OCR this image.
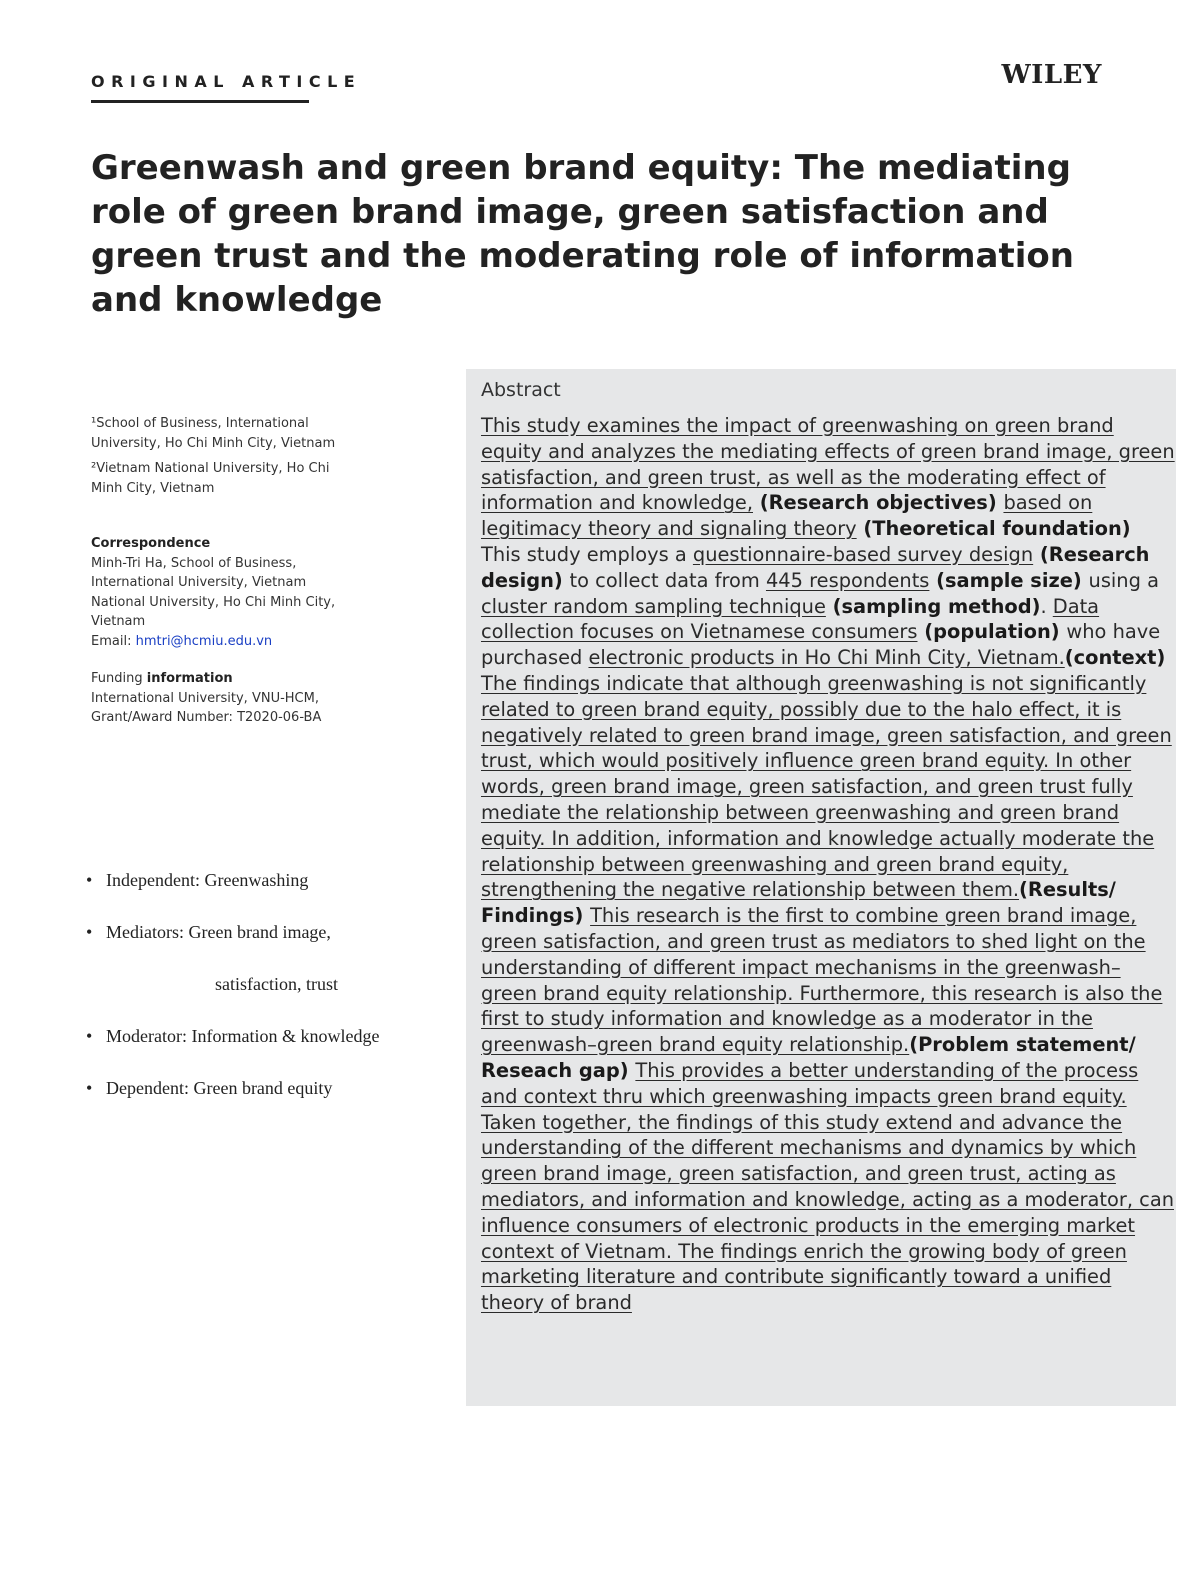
ORIGINAL ARTICLE	WILEY
Greenwash and green brand equity: The mediating role of green brand image, green satisfaction and green trust and the moderating role of information and knowledge

¹School of Business, International University, Ho Chi Minh City, Vietnam

²Vietnam National University, Ho Chi Minh City, Vietnam

Correspondence
Minh-Tri Ha, School of Business, International University, Vietnam National University, Ho Chi Minh City, Vietnam
Email: hmtri@hcmiu.edu.vn
Funding information
International University, VNU-HCM, Grant/Award Number: T2020-06-BA
• Independent: Greenwashing
• Mediators: Green brand image,
satisfaction, trust
• Moderator: Information & knowledge
• Dependent: Green brand equity
Abstract

This study examines the impact of greenwashing on green brand equity and analyzes the mediating effects of green brand image, green satisfaction, and green trust, as well as the moderating effect of information and knowledge, (Research objectives) based on legitimacy theory and signaling theory (Theoretical foundation) This study employs a questionnaire-based survey design (Research design) to collect data from 445 respondents (sample size) using a cluster random sampling technique (sampling method). Data collection focuses on Vietnamese consumers (population) who have purchased electronic products in Ho Chi Minh City, Vietnam.(context) The findings indicate that although greenwashing is not significantly related to green brand equity, possibly due to the halo effect, it is negatively related to green brand image, green satisfaction, and green trust, which would positively influence green brand equity. In other words, green brand image, green satisfaction, and green trust fully mediate the relationship between greenwashing and green brand equity. In addition, information and knowledge actually moderate the relationship between greenwashing and green brand equity, strengthening the negative relationship between them.(Results/ Findings) This research is the first to combine green brand image, green satisfaction, and green trust as mediators to shed light on the understanding of different impact mechanisms in the greenwash–green brand equity relationship. Furthermore, this research is also the first to study information and knowledge as a moderator in the greenwash–green brand equity relationship.(Problem statement/ Reseach gap) This provides a better understanding of the process and context thru which greenwashing impacts green brand equity. Taken together, the findings of this study extend and advance the understanding of the different mechanisms and dynamics by which green brand image, green satisfaction, and green trust, acting as mediators, and information and knowledge, acting as a moderator, can influence consumers of electronic products in the emerging market context of Vietnam. The findings enrich the growing body of green marketing literature and contribute significantly toward a unified theory of brand
